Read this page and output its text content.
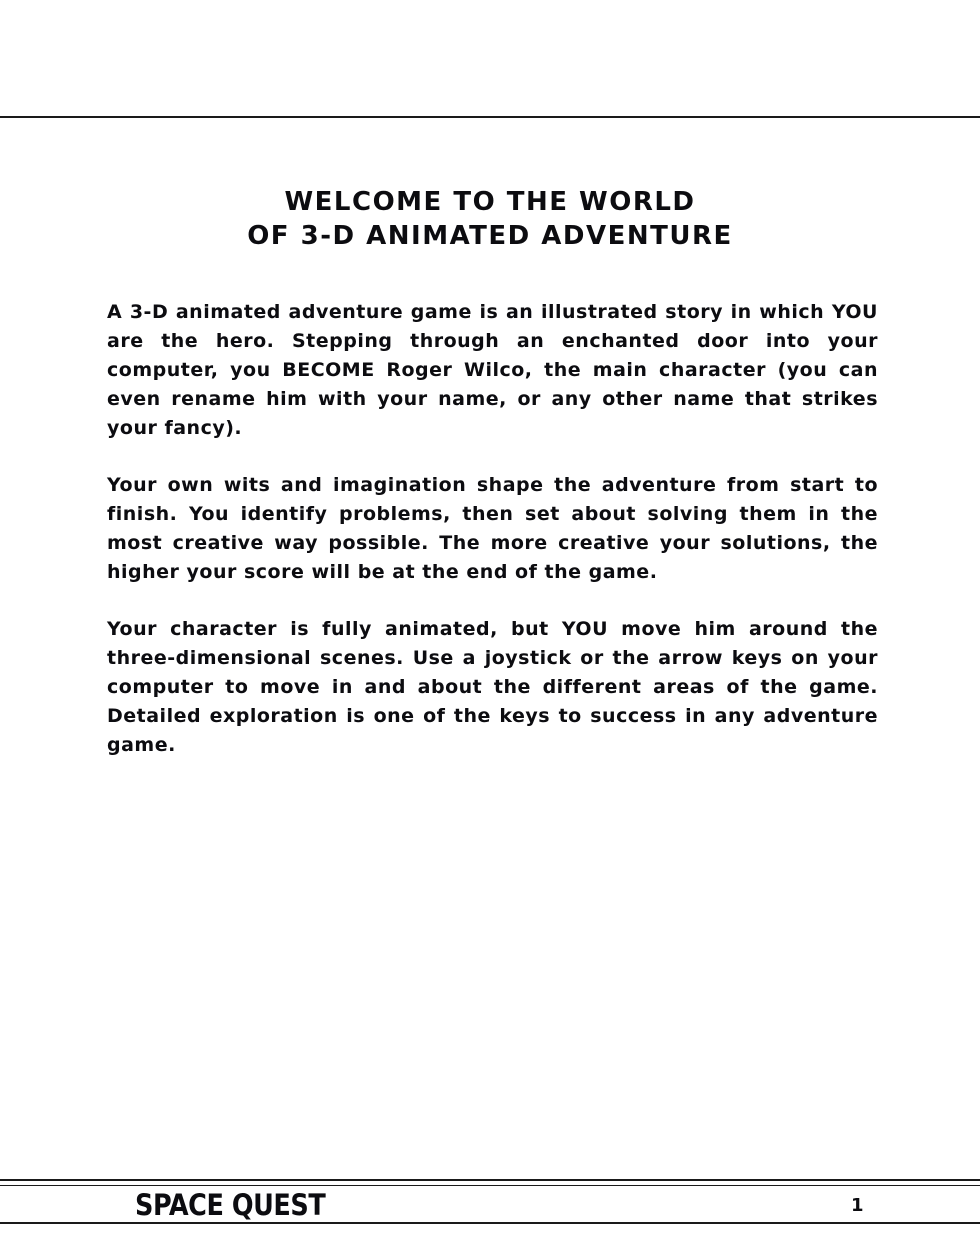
WELCOME TO THE WORLD
OF 3-D ANIMATED ADVENTURE

A 3-D animated adventure game is an illustrated story in which YOU are the hero. Stepping through an enchanted door into your computer, you BECOME Roger Wilco, the main character (you can even rename him with your name, or any other name that strikes your fancy).

Your own wits and imagination shape the adventure from start to finish. You identify problems, then set about solving them in the most creative way possible. The more creative your solutions, the higher your score will be at the end of the game.

Your character is fully animated, but YOU move him around the three-dimensional scenes. Use a joystick or the arrow keys on your computer to move in and about the different areas of the game. Detailed exploration is one of the keys to success in any adventure game.

SPACE QUEST	1
